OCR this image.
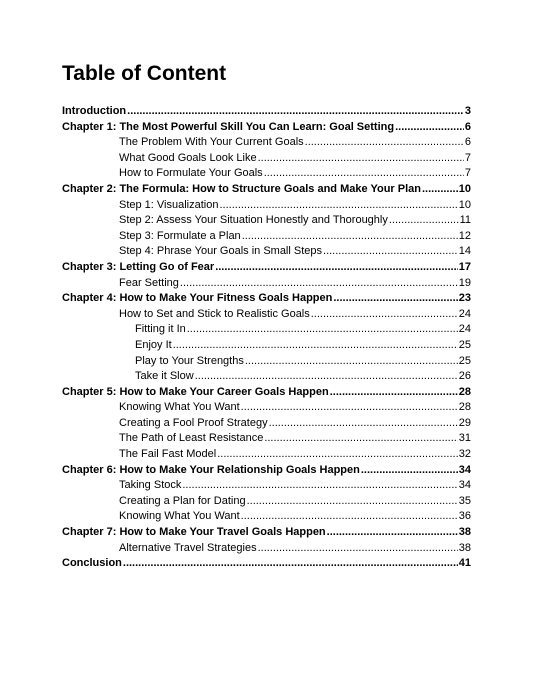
Table of Content
Introduction .....	3
Chapter 1: The Most Powerful Skill You Can Learn: Goal Setting .....	6
The Problem With Your Current Goals .....	6
What Good Goals Look Like .....	7
How to Formulate Your Goals .....	7
Chapter 2: The Formula: How to Structure Goals and Make Your Plan .....	10
Step 1: Visualization .....	10
Step 2: Assess Your Situation Honestly and Thoroughly .....	11
Step 3: Formulate a Plan .....	12
Step 4: Phrase Your Goals in Small Steps .....	14
Chapter 3: Letting Go of Fear .....	17
Fear Setting .....	19
Chapter 4: How to Make Your Fitness Goals Happen .....	23
How to Set and Stick to Realistic Goals .....	24
Fitting it In .....	24
Enjoy It .....	25
Play to Your Strengths .....	25
Take it Slow .....	26
Chapter 5: How to Make Your Career Goals Happen .....	28
Knowing What You Want .....	28
Creating a Fool Proof Strategy .....	29
The Path of Least Resistance .....	31
The Fail Fast Model .....	32
Chapter 6: How to Make Your Relationship Goals Happen .....	34
Taking Stock .....	34
Creating a Plan for Dating .....	35
Knowing What You Want .....	36
Chapter 7: How to Make Your Travel Goals Happen .....	38
Alternative Travel Strategies .....	38
Conclusion .....	41
